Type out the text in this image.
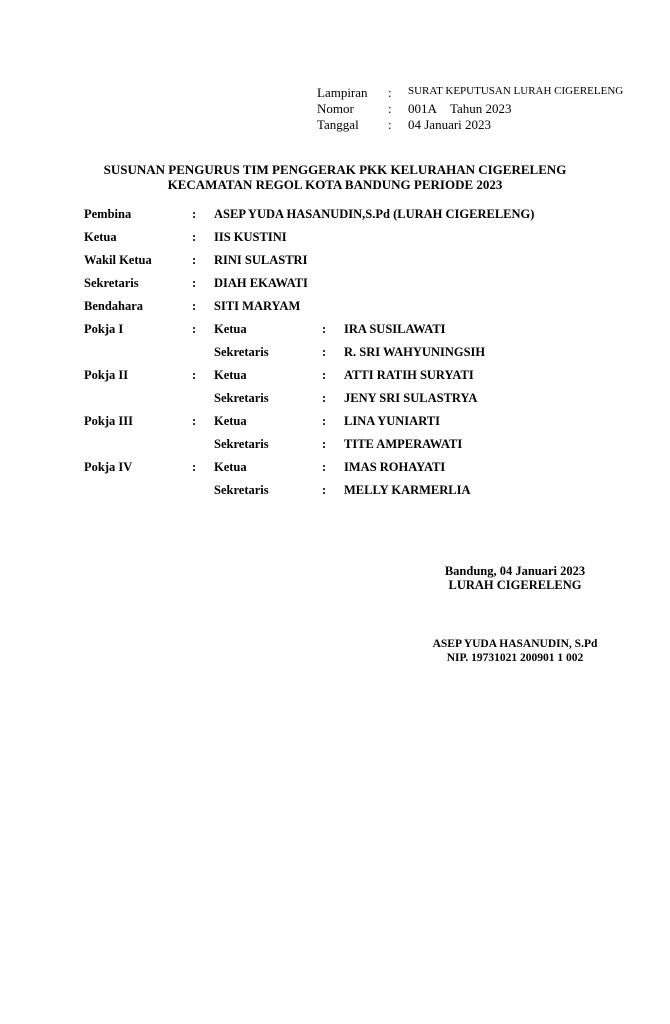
Lampiran : SURAT KEPUTUSAN LURAH CIGERELENG
Nomor	: 001A Tahun 2023
Tanggal : 04 Januari 2023
SUSUNAN PENGURUS TIM PENGGERAK PKK KELURAHAN CIGERELENG
KECAMATAN REGOL KOTA BANDUNG PERIODE 2023
Pembina	: ASEP YUDA HASANUDIN,S.Pd (LURAH CIGERELENG)
Ketua	: IIS KUSTINI
Wakil Ketua	: RINI SULASTRI
Sekretaris	: DIAH EKAWATI
Bendahara	: SITI MARYAM
Pokja I	: Ketua	: IRA SUSILAWATI
Sekretaris	: R. SRI WAHYUNINGSIH
Pokja II	: Ketua	: ATTI RATIH SURYATI
Sekretaris	: JENY SRI SULASTRYA
Pokja III	: Ketua	: LINA YUNIARTI
Sekretaris	: TITE AMPERAWATI
Pokja IV	: Ketua	: IMAS ROHAYATI
Sekretaris	: MELLY KARMERLIA
Bandung, 04 Januari 2023
LURAH CIGERELENG
ASEP YUDA HASANUDIN, S.Pd
NIP. 19731021 200901 1 002
